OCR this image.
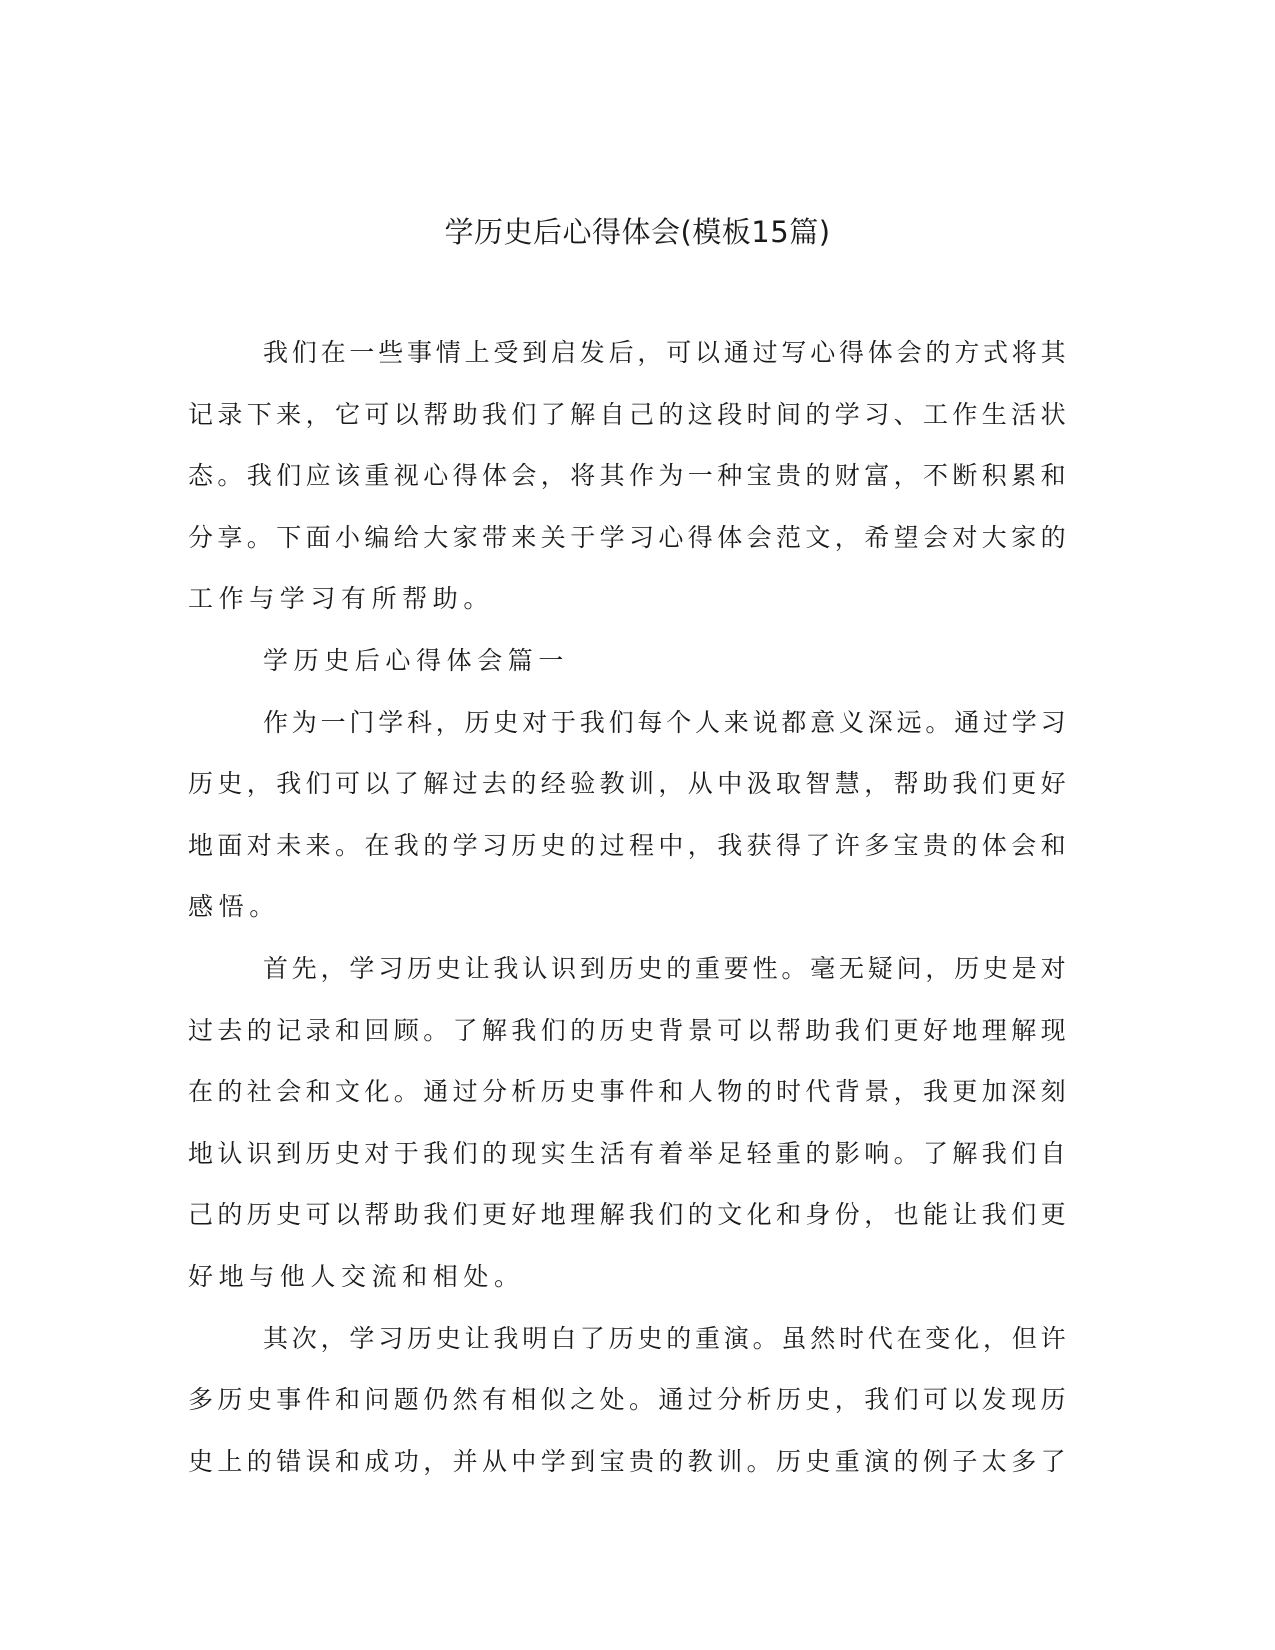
学历史后心得体会(模板15篇)

我们在一些事情上受到启发后，可以通过写心得体会的方式将其

记录下来，它可以帮助我们了解自己的这段时间的学习、工作生活状

态。我们应该重视心得体会，将其作为一种宝贵的财富，不断积累和

分享。下面小编给大家带来关于学习心得体会范文，希望会对大家的

工作与学习有所帮助。

学历史后心得体会篇一

作为一门学科，历史对于我们每个人来说都意义深远。通过学习

历史，我们可以了解过去的经验教训，从中汲取智慧，帮助我们更好

地面对未来。在我的学习历史的过程中，我获得了许多宝贵的体会和

感悟。

首先，学习历史让我认识到历史的重要性。毫无疑问，历史是对

过去的记录和回顾。了解我们的历史背景可以帮助我们更好地理解现

在的社会和文化。通过分析历史事件和人物的时代背景，我更加深刻

地认识到历史对于我们的现实生活有着举足轻重的影响。了解我们自

己的历史可以帮助我们更好地理解我们的文化和身份，也能让我们更

好地与他人交流和相处。

其次，学习历史让我明白了历史的重演。虽然时代在变化，但许

多历史事件和问题仍然有相似之处。通过分析历史，我们可以发现历

史上的错误和成功，并从中学到宝贵的教训。历史重演的例子太多了
